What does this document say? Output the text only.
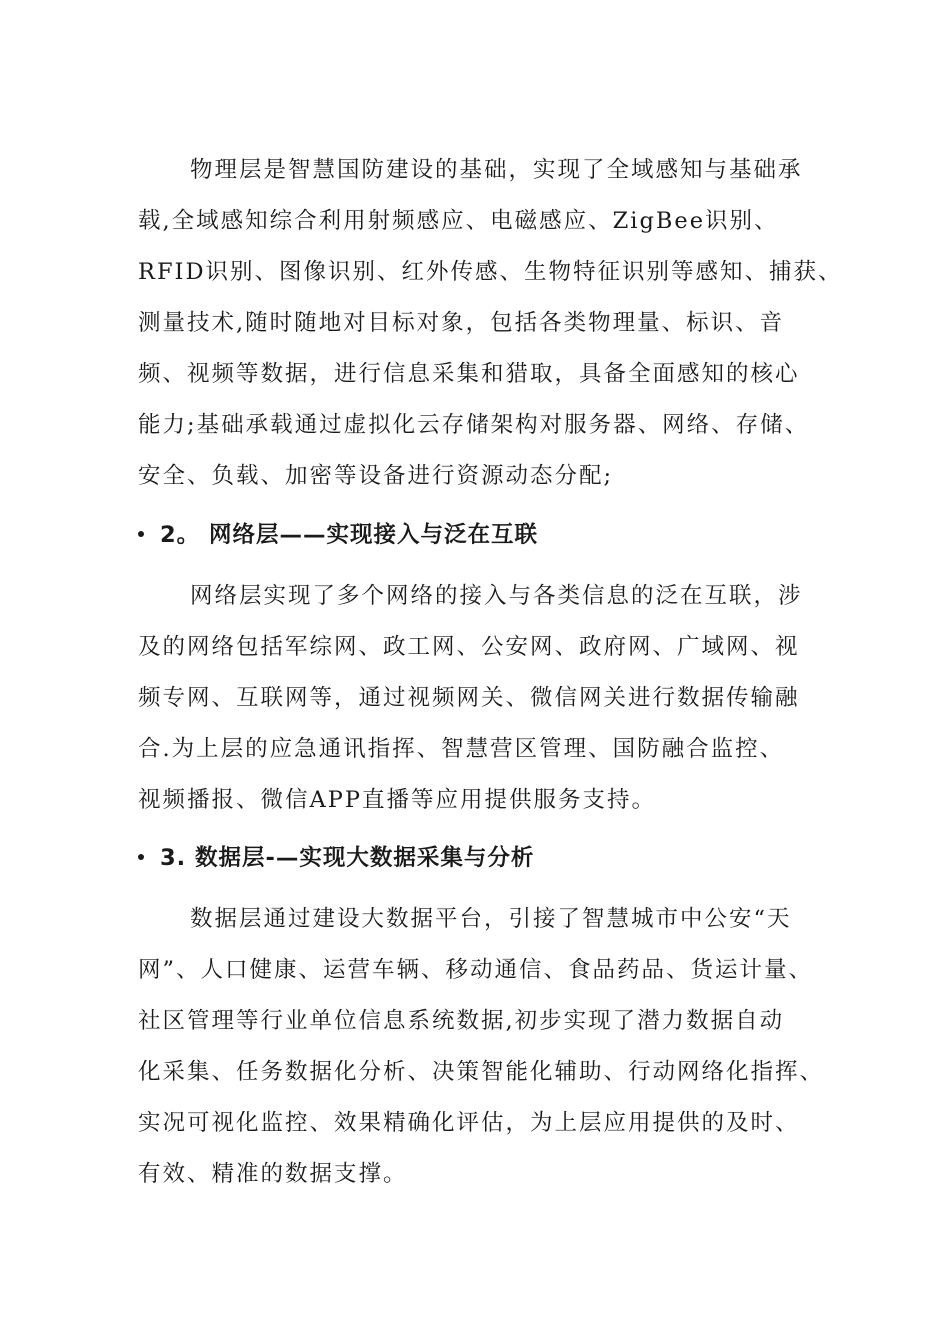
物理层是智慧国防建设的基础，实现了全域感知与基础承
载,全域感知综合利用射频感应、电磁感应、ZigBee识别、
RFID识别、图像识别、红外传感、生物特征识别等感知、捕获、
测量技术,随时随地对目标对象，包括各类物理量、标识、音
频、视频等数据，进行信息采集和猎取，具备全面感知的核心
能力;基础承载通过虚拟化云存储架构对服务器、网络、存储、
安全、负载、加密等设备进行资源动态分配;
2。 网络层——实现接入与泛在互联
网络层实现了多个网络的接入与各类信息的泛在互联，涉
及的网络包括军综网、政工网、公安网、政府网、广域网、视
频专网、互联网等，通过视频网关、微信网关进行数据传输融
合.为上层的应急通讯指挥、智慧营区管理、国防融合监控、
视频播报、微信APP直播等应用提供服务支持。
3. 数据层-—实现大数据采集与分析
数据层通过建设大数据平台，引接了智慧城市中公安“天
网”、人口健康、运营车辆、移动通信、食品药品、货运计量、
社区管理等行业单位信息系统数据,初步实现了潜力数据自动
化采集、任务数据化分析、决策智能化辅助、行动网络化指挥、
实况可视化监控、效果精确化评估，为上层应用提供的及时、
有效、精准的数据支撑。
